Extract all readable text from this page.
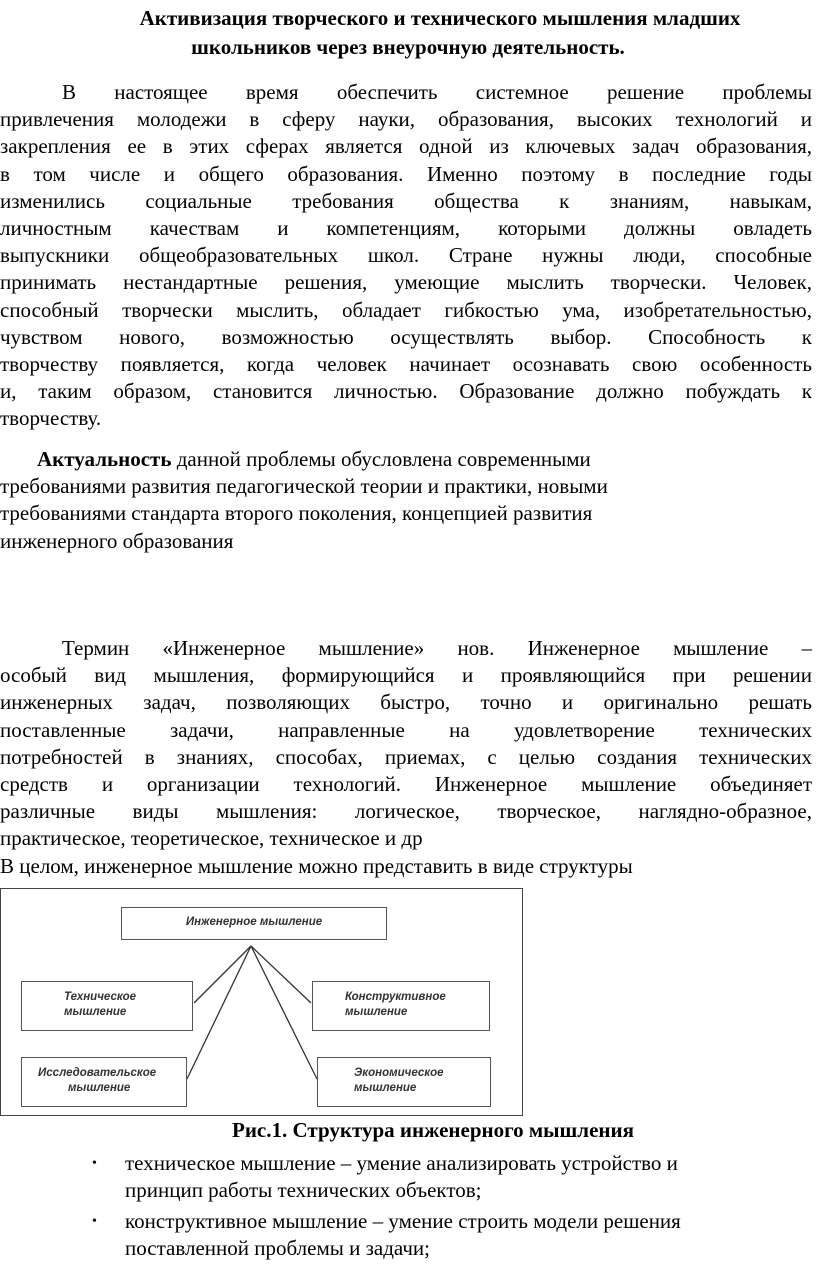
Активизация творческого и технического мышления младших
школьников через внеурочную деятельность.
В настоящее время обеспечить системное решение проблемы
привлечения молодежи в сферу науки, образования, высоких технологий и
закрепления ее в этих сферах является одной из ключевых задач образования,
в том числе и общего образования. Именно поэтому в последние годы
изменились социальные требования общества к знаниям, навыкам,
личностным качествам и компетенциям, которыми должны овладеть
выпускники общеобразовательных школ. Стране нужны люди, способные
принимать нестандартные решения, умеющие мыслить творчески. Человек,
способный творчески мыслить, обладает гибкостью ума, изобретательностью,
чувством нового, возможностью осуществлять выбор. Способность к
творчеству появляется, когда человек начинает осознавать свою особенность
и, таким образом, становится личностью. Образование должно побуждать к
творчеству.
Актуальность данной проблемы обусловлена современными
требованиями развития педагогической теории и практики, новыми
требованиями стандарта второго поколения, концепцией развития
инженерного образования
Термин «Инженерное мышление» нов. Инженерное мышление –
особый вид мышления, формирующийся и проявляющийся при решении
инженерных задач, позволяющих быстро, точно и оригинально решать
поставленные задачи, направленные на удовлетворение технических
потребностей в знаниях, способах, приемах, с целью создания технических
средств и организации технологий. Инженерное мышление объединяет
различные виды мышления: логическое, творческое, наглядно-образное,
практическое, теоретическое, техническое и др
В целом, инженерное мышление можно представить в виде структуры
Инженерное мышление
Техническое
мышление
Конструктивное
мышление
Исследовательское
мышление
Экономическое
мышление
Рис.1. Структура инженерного мышления
• техническое мышление – умение анализировать устройство и
принцип работы технических объектов;
• конструктивное мышление – умение строить модели решения
поставленной проблемы и задачи;
